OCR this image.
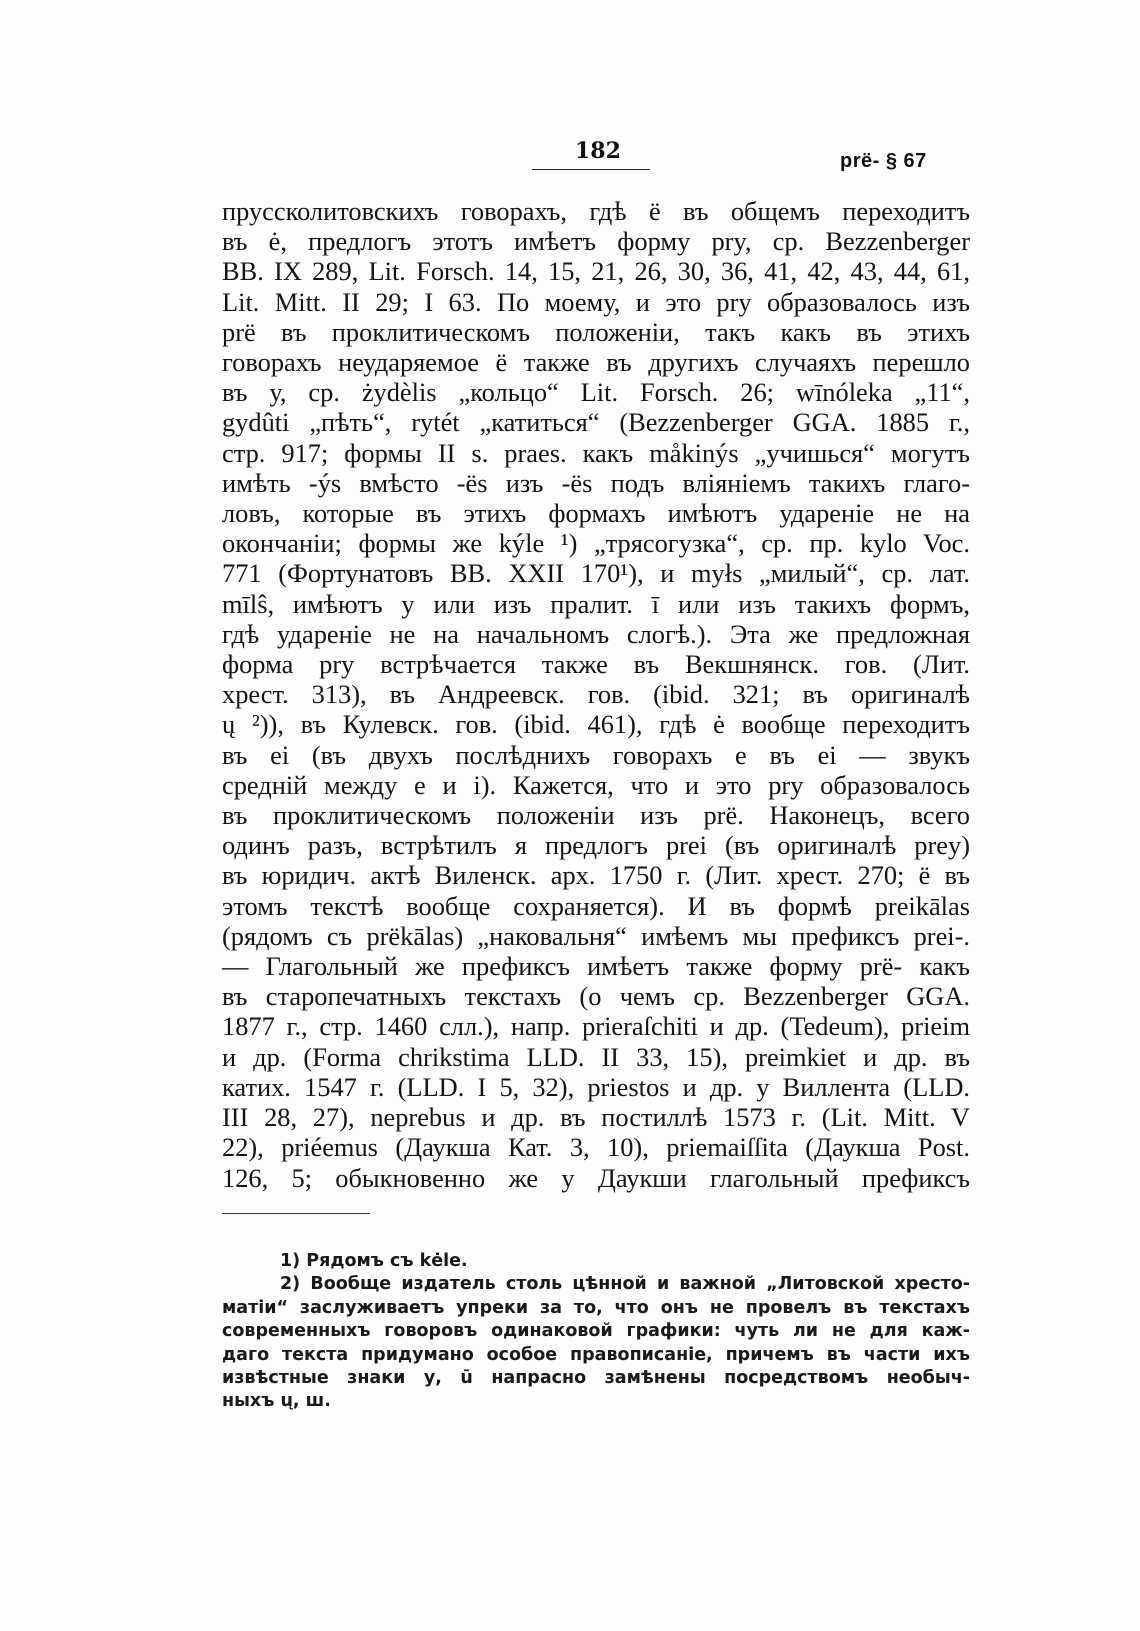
182	prë- § 67
пруссколитовскихъ говорахъ, гдѣ ë въ общемъ переходитъ
въ ė, предлогъ этотъ имѣетъ форму pry, ср. Bezzenberger
BB. IX 289, Lit. Forsch. 14, 15, 21, 26, 30, 36, 41, 42, 43, 44, 61,
Lit. Mitt. II 29; I 63. По моему, и это pry образовалось изъ
prë въ проклитическомъ положенiи, такъ какъ въ этихъ
говорахъ неударяемое ë также въ другихъ случаяхъ перешло
въ у, ср. żydèlis „кольцо“ Lit. Forsch. 26; wīnóleka „11“,
gydûti „пѣть“, rytét „катиться“ (Bezzenberger GGA. 1885 г.,
стр. 917; формы II s. praes. какъ måkinýs „учишься“ могутъ
имѣть -ýs вмѣсто -ës изъ -ës подъ влiянiемъ такихъ глаго-
ловъ, которые въ этихъ формахъ имѣютъ ударенiе не на
окончанiи; формы же kýle ¹) „трясогузка“, ср. пр. kylo Voc.
771 (Фортунатовъ BB. XXII 170¹), и myłs „милый“, ср. лат.
mīlŝ, имѣютъ у или изъ пралит. ī или изъ такихъ формъ,
гдѣ ударенiе не на начальномъ слогѣ.). Эта же предложная
форма pry встрѣчается также въ Векшнянск. гов. (Лит.
хрест. 313), въ Андреевск. гов. (ibid. 321; въ оригиналѣ
ų ²)), въ Кулевск. гов. (ibid. 461), гдѣ ė вообще переходитъ
въ ei (въ двухъ послѣднихъ говорахъ е въ ei — звукъ
среднiй между е и i). Кажется, что и это pry образовалось
въ проклитическомъ положенiи изъ prë. Наконецъ, всего
одинъ разъ, встрѣтилъ я предлогъ prei (въ оригиналѣ prey)
въ юридич. актѣ Виленск. арх. 1750 г. (Лит. хрест. 270; ë въ
этомъ текстѣ вообще сохраняется). И въ формѣ preikālas
(рядомъ съ prëkālas) „наковальня“ имѣемъ мы префиксъ prei-.
— Глагольный же префиксъ имѣетъ также форму prë- какъ
въ старопечатныхъ текстахъ (о чемъ ср. Bezzenberger GGA.
1877 г., стр. 1460 слл.), напр. prieraſchiti и др. (Tedeum), prieim
и др. (Forma chrikstima LLD. II 33, 15), preimkiet и др. въ
катих. 1547 г. (LLD. I 5, 32), priestos и др. у Виллента (LLD.
III 28, 27), neprebus и др. въ постиллѣ 1573 г. (Lit. Mitt. V
22), priéemus (Даукша Кат. 3, 10), priemaiſſita (Даукша Post.
126, 5; обыкновенно же у Даукши глагольный префиксъ
1) Рядомъ съ kėle.
2) Вообще издатель столь цѣнной и важной „Литовской хресто-
матiи“ заслуживаетъ упреки за то, что онъ не провелъ въ текстахъ
современныхъ говоровъ одинаковой графики: чуть ли не для каж-
даго текста придумано особое правописанiе, причемъ въ части ихъ
извѣстные знаки у, ū напрасно замѣнены посредствомъ необыч-
ныхъ ų, ш.
